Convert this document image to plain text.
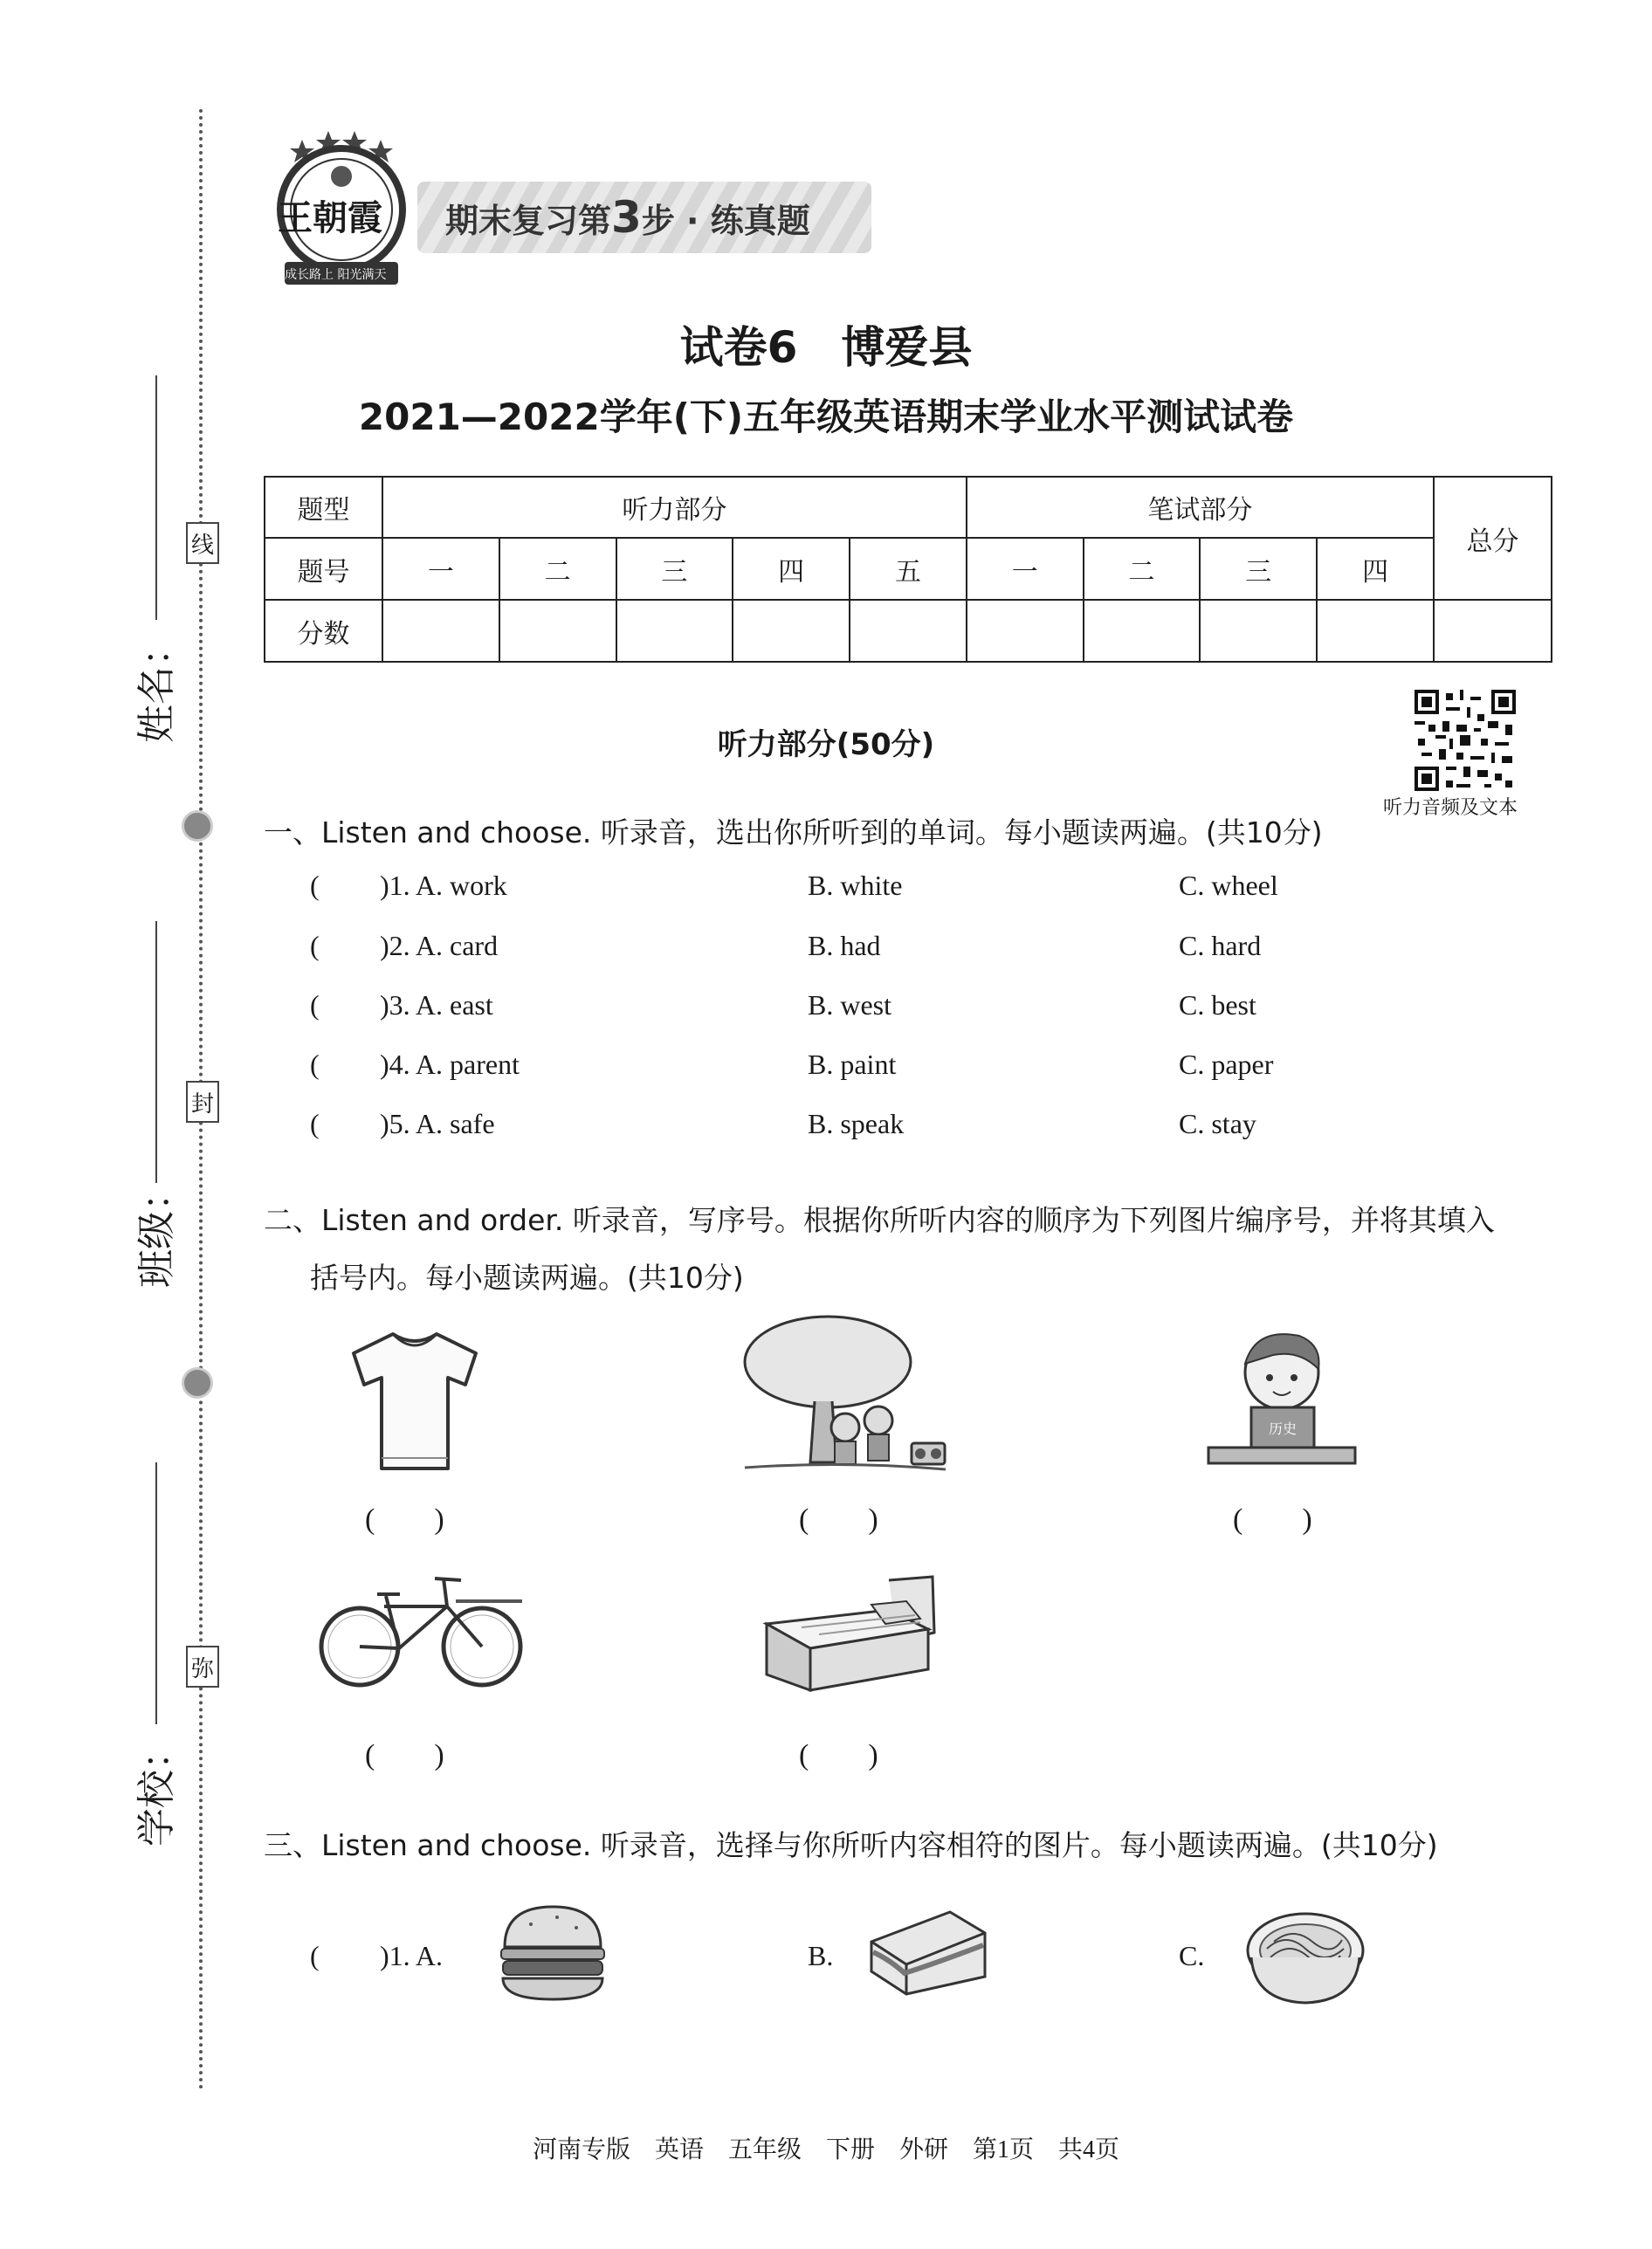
线
姓名：
封
班级：
弥
学校：
王朝霞
成长路上 阳光满天
期末复习第3步 · 练真题
试卷6　博爱县
2021—2022学年(下)五年级英语期末学业水平测试试卷
题型	听力部分					笔试部分				总分
题号	一	二	三	四	五	一	二	三	四	
分数										
听力部分(50分)
听力音频及文本
一、Listen and choose. 听录音，选出你所听到的单词。每小题读两遍。(共10分)
( )1. A. work	B. white	C. wheel
( )2. A. card	B. had	C. hard
( )3. A. east	B. west	C. best
( )4. A. parent	B. paint	C. paper
( )5. A. safe	B. speak	C. stay
二、Listen and order. 听录音，写序号。根据你所听内容的顺序为下列图片编序号，并将其填入
括号内。每小题读两遍。(共10分)
(　　)	(　　)
历史
(　　)
(　　)	(　　)
三、Listen and choose. 听录音，选择与你所听内容相符的图片。每小题读两遍。(共10分)
( )1. A.	B.	C.
河南专版　英语　五年级　下册　外研　第1页　共4页
